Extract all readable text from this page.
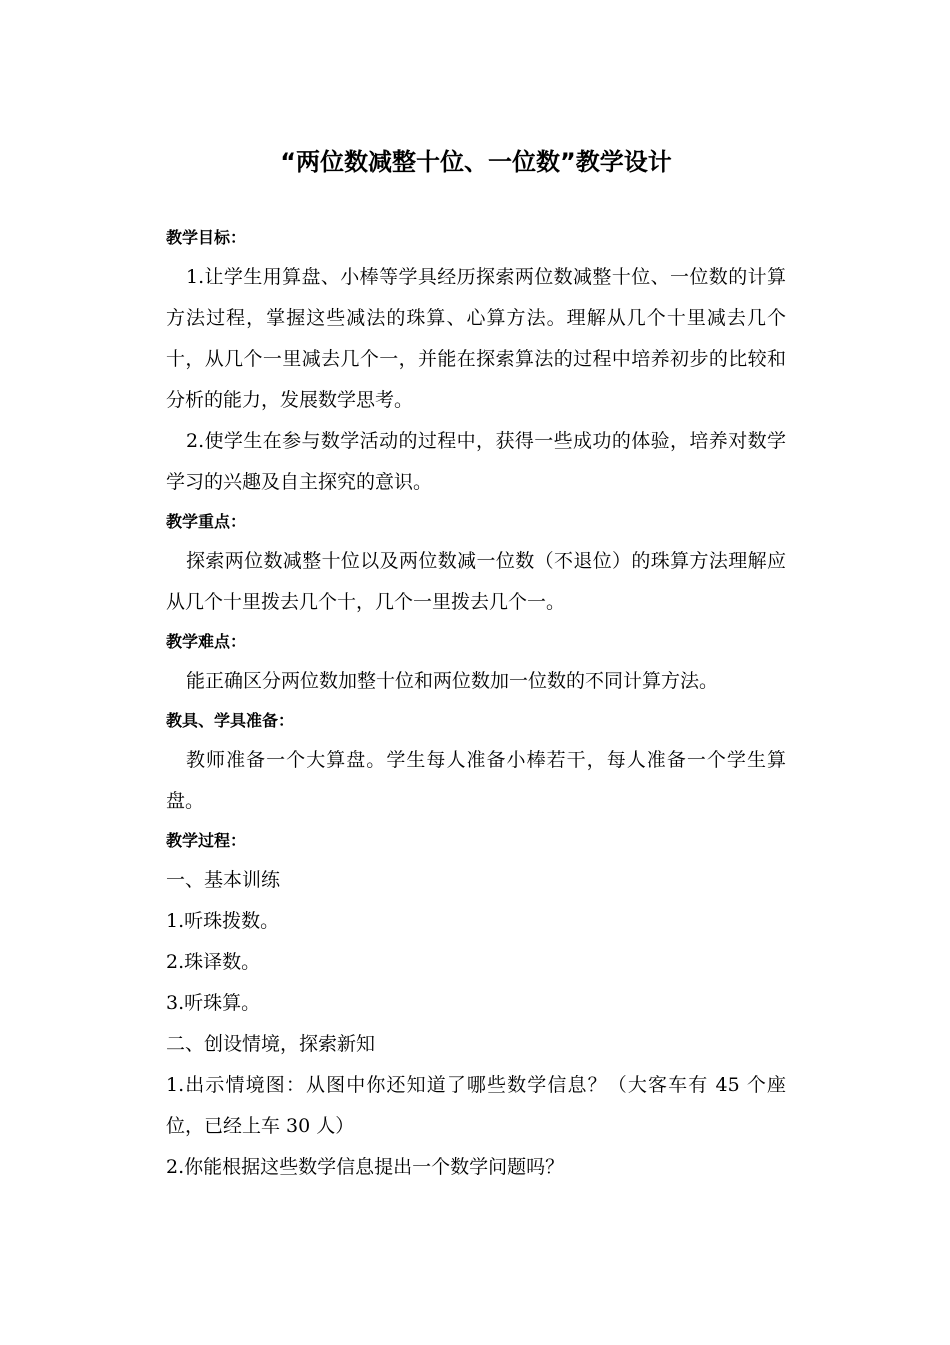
“两位数减整十位、一位数”教学设计

教学目标：

1.让学生用算盘、小棒等学具经历探索两位数减整十位、一位数的计算方法过程，掌握这些减法的珠算、心算方法。理解从几个十里减去几个十，从几个一里减去几个一，并能在探索算法的过程中培养初步的比较和分析的能力，发展数学思考。

2.使学生在参与数学活动的过程中，获得一些成功的体验，培养对数学学习的兴趣及自主探究的意识。

教学重点：

探索两位数减整十位以及两位数减一位数（不退位）的珠算方法理解应从几个十里拨去几个十，几个一里拨去几个一。

教学难点：

能正确区分两位数加整十位和两位数加一位数的不同计算方法。

教具、学具准备：

教师准备一个大算盘。学生每人准备小棒若干，每人准备一个学生算盘。

教学过程：

一、基本训练

1.听珠拨数。

2.珠译数。

3.听珠算。

二、创设情境，探索新知

1.出示情境图：从图中你还知道了哪些数学信息？（大客车有 45 个座位，已经上车 30 人）

2.你能根据这些数学信息提出一个数学问题吗？
